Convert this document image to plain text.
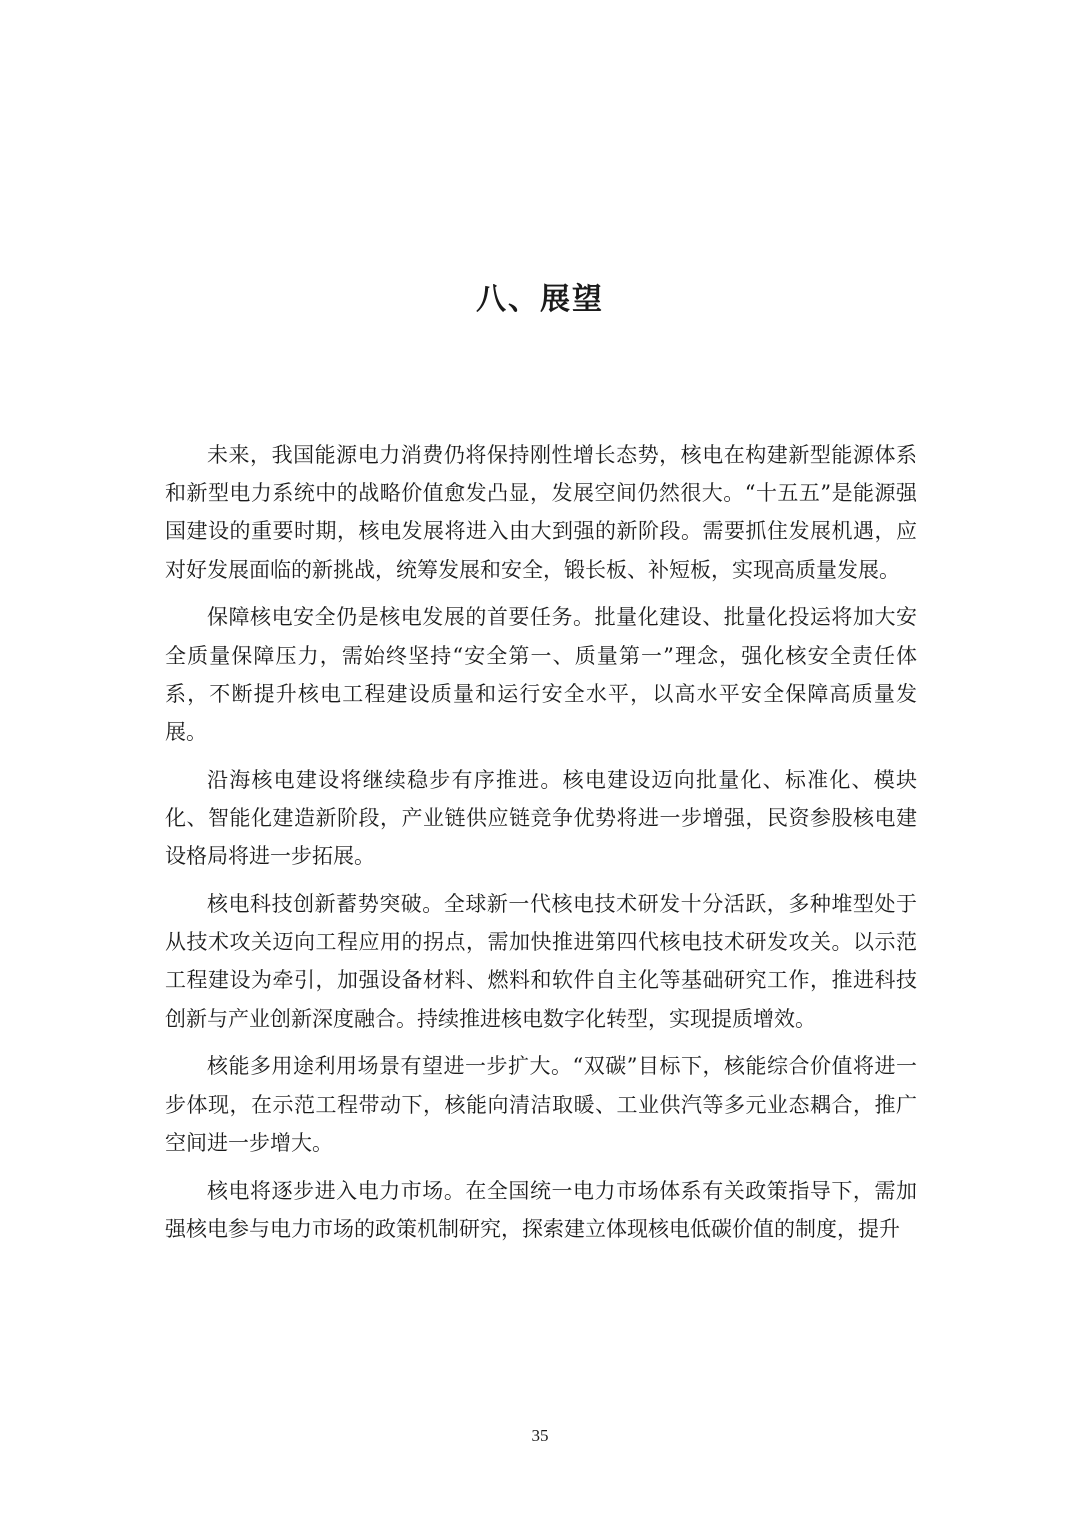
八、展望

未来，我国能源电力消费仍将保持刚性增长态势，核电在构建新型能源体系和新型电力系统中的战略价值愈发凸显，发展空间仍然很大。“十五五”是能源强国建设的重要时期，核电发展将进入由大到强的新阶段。需要抓住发展机遇，应对好发展面临的新挑战，统筹发展和安全，锻长板、补短板，实现高质量发展。

保障核电安全仍是核电发展的首要任务。批量化建设、批量化投运将加大安全质量保障压力，需始终坚持“安全第一、质量第一”理念，强化核安全责任体系，不断提升核电工程建设质量和运行安全水平，以高水平安全保障高质量发展。

沿海核电建设将继续稳步有序推进。核电建设迈向批量化、标准化、模块化、智能化建造新阶段，产业链供应链竞争优势将进一步增强，民资参股核电建设格局将进一步拓展。

核电科技创新蓄势突破。全球新一代核电技术研发十分活跃，多种堆型处于从技术攻关迈向工程应用的拐点，需加快推进第四代核电技术研发攻关。以示范工程建设为牵引，加强设备材料、燃料和软件自主化等基础研究工作，推进科技创新与产业创新深度融合。持续推进核电数字化转型，实现提质增效。

核能多用途利用场景有望进一步扩大。“双碳”目标下，核能综合价值将进一步体现，在示范工程带动下，核能向清洁取暖、工业供汽等多元业态耦合，推广空间进一步增大。

核电将逐步进入电力市场。在全国统一电力市场体系有关政策指导下，需加强核电参与电力市场的政策机制研究，探索建立体现核电低碳价值的制度，提升

35
